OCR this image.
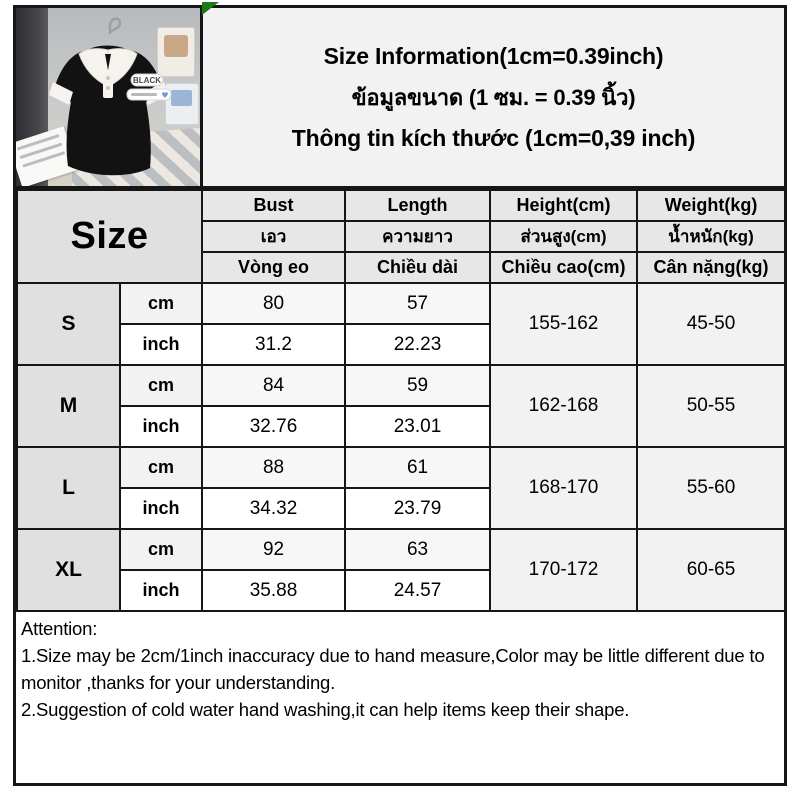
BLACK
♥
Size Information(1cm=0.39inch)
ข้อมูลขนาด (1 ซม. = 0.39 นิ้ว)
Thông tin kích thước (1cm=0,39 inch)
Size		Bust	Length	Height(cm)	Weight(kg)
		เอว	ความยาว	ส่วนสูง(cm)	น้ำหนัก(kg)
		Vòng eo	Chiều dài	Chiều cao(cm)	Cân nặng(kg)
S	cm	80	57	155-162	45-50
	inch	31.2	22.23		
M	cm	84	59	162-168	50-55
	inch	32.76	23.01		
L	cm	88	61	168-170	55-60
	inch	34.32	23.79		
XL	cm	92	63	170-172	60-65
	inch	35.88	24.57		
Attention:
1.Size may be 2cm/1inch inaccuracy due to hand measure,Color may be little different due to monitor ,thanks for your understanding.
2.Suggestion of cold water hand washing,it can help items keep their shape.
